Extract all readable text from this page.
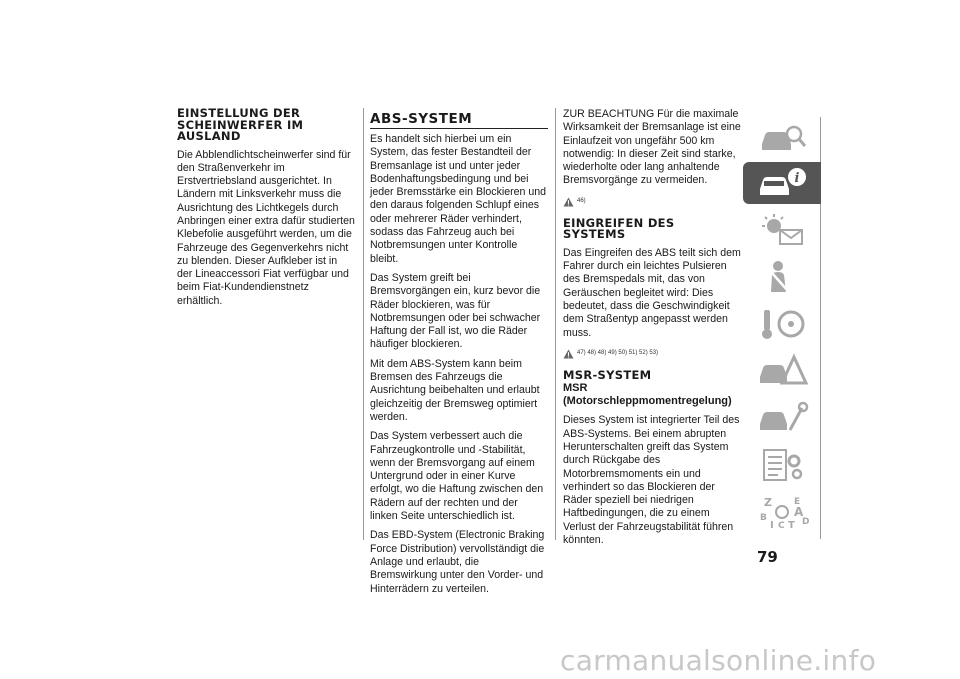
EINSTELLUNG DER SCHEINWERFER IM AUSLAND

Die Abblendlichtscheinwerfer sind für den Straßenverkehr im Erstvertriebsland ausgerichtet. In Ländern mit Linksverkehr muss die Ausrichtung des Lichtkegels durch Anbringen einer extra dafür studierten Klebefolie ausgeführt werden, um die Fahrzeuge des Gegenverkehrs nicht zu blenden. Dieser Aufkleber ist in der Lineaccessori Fiat verfügbar und beim Fiat-Kundendienstnetz erhältlich.

ABS-SYSTEM

Es handelt sich hierbei um ein System, das fester Bestandteil der Bremsanlage ist und unter jeder Bodenhaftungsbedingung und bei jeder Bremsstärke ein Blockieren und den daraus folgenden Schlupf eines oder mehrerer Räder verhindert, sodass das Fahrzeug auch bei Notbremsungen unter Kontrolle bleibt.

Das System greift bei Bremsvorgängen ein, kurz bevor die Räder blockieren, was für Notbremsungen oder bei schwacher Haftung der Fall ist, wo die Räder häufiger blockieren.

Mit dem ABS-System kann beim Bremsen des Fahrzeugs die Ausrichtung beibehalten und erlaubt gleichzeitig der Bremsweg optimiert werden.

Das System verbessert auch die Fahrzeugkontrolle und -Stabilität, wenn der Bremsvorgang auf einem Untergrund oder in einer Kurve erfolgt, wo die Haftung zwischen den Rädern auf der rechten und der linken Seite unterschiedlich ist.

Das EBD-System (Electronic Braking Force Distribution) vervollständigt die Anlage und erlaubt, die Bremswirkung unter den Vorder- und Hinterrädern zu verteilen.

ZUR BEACHTUNG Für die maximale Wirksamkeit der Bremsanlage ist eine Einlaufzeit von ungefähr 500 km notwendig: In dieser Zeit sind starke, wiederholte oder lang anhaltende Bremsvorgänge zu vermeiden.

46)
EINGREIFEN DES SYSTEMS

Das Eingreifen des ABS teilt sich dem Fahrer durch ein leichtes Pulsieren des Bremspedals mit, das von Geräuschen begleitet wird: Dies bedeutet, dass die Geschwindigkeit dem Straßentyp angepasst werden muss.

47) 48) 48) 49) 50) 51) 52) 53)
MSR-SYSTEM
MSR (Motorschleppmomentregelung)

Dieses System ist integrierter Teil des ABS-Systems. Bei einem abrupten Herunterschalten greift das System durch Rückgabe des Motorbremsmoments ein und verhindert so das Blockieren der Räder speziell bei niedrigen Haftbedingungen, die zu einem Verlust der Fahrzeugstabilität führen könnten.

i
Z E
B A
I C T D
79
carmanualsonline.info
